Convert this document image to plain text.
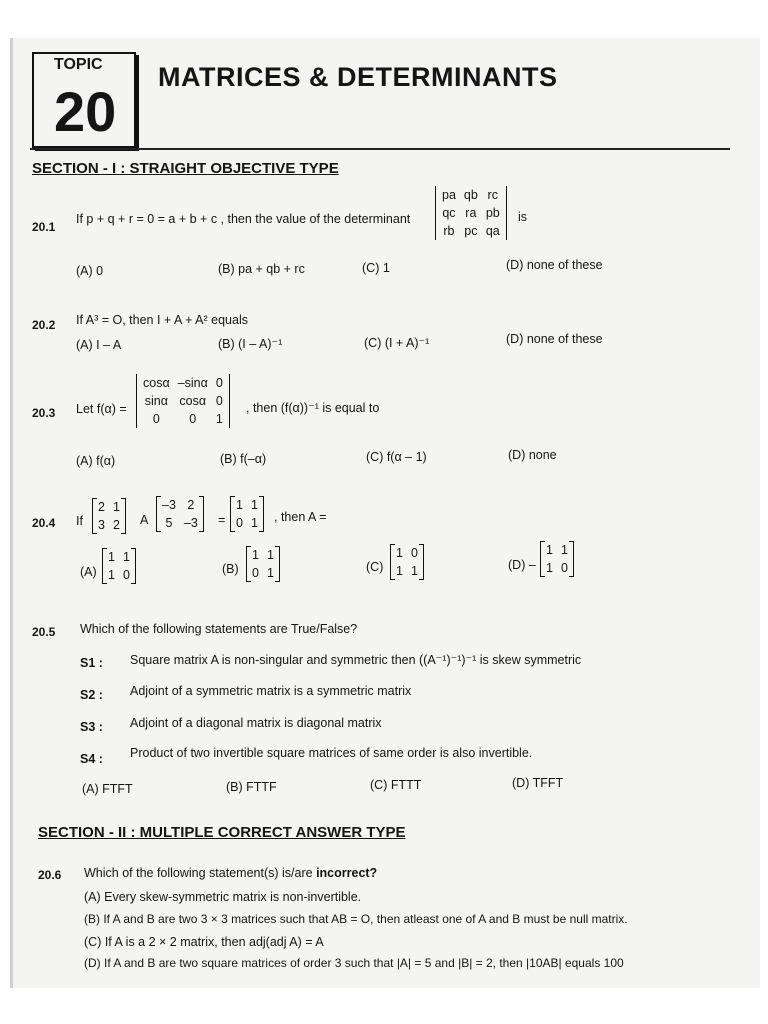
TOPIC
20
MATRICES & DETERMINANTS
SECTION - I : STRAIGHT OBJECTIVE TYPE
20.1
If p + q + r = 0 = a + b + c , then the value of the determinant
pa	qb	rc
qc	ra	pb
rb	pc	qa
is
(A) 0	(B) pa + qb + rc	(C) 1	(D) none of these
20.2 If A³ = O, then I + A + A² equals
(A) I – A	(B) (I – A)⁻¹	(C) (I + A)⁻¹	(D) none of these
20.3 Let f(α) =
cosα	–sinα	0
sinα	cosα	0
0	0	1
, then (f(α))⁻¹ is equal to
(A) f(α)	(B) f(–α)	(C) f(α – 1)	(D) none
20.4 If
2	1
3	2 A
–3	2
5	–3 =
1	1
0	1 , then A =
(A)
1	1
1	0	(B)
1	1
0	1	(C)
1	0
1	1	(D) –
1	1
1	0
20.5 Which of the following statements are True/False?
S1 : Square matrix A is non-singular and symmetric then ((A⁻¹)⁻¹)⁻¹ is skew symmetric
S2 : Adjoint of a symmetric matrix is a symmetric matrix
S3 : Adjoint of a diagonal matrix is diagonal matrix
S4 : Product of two invertible square matrices of same order is also invertible.
(A) FTFT	(B) FTTF	(C) FTTT	(D) TFFT
SECTION - II : MULTIPLE CORRECT ANSWER TYPE
20.6 Which of the following statement(s) is/are incorrect?
(A) Every skew-symmetric matrix is non-invertible.
(B) If A and B are two 3 × 3 matrices such that AB = O, then atleast one of A and B must be null matrix.
(C) If A is a 2 × 2 matrix, then adj(adj A) = A
(D) If A and B are two square matrices of order 3 such that |A| = 5 and |B| = 2, then |10AB| equals 100
